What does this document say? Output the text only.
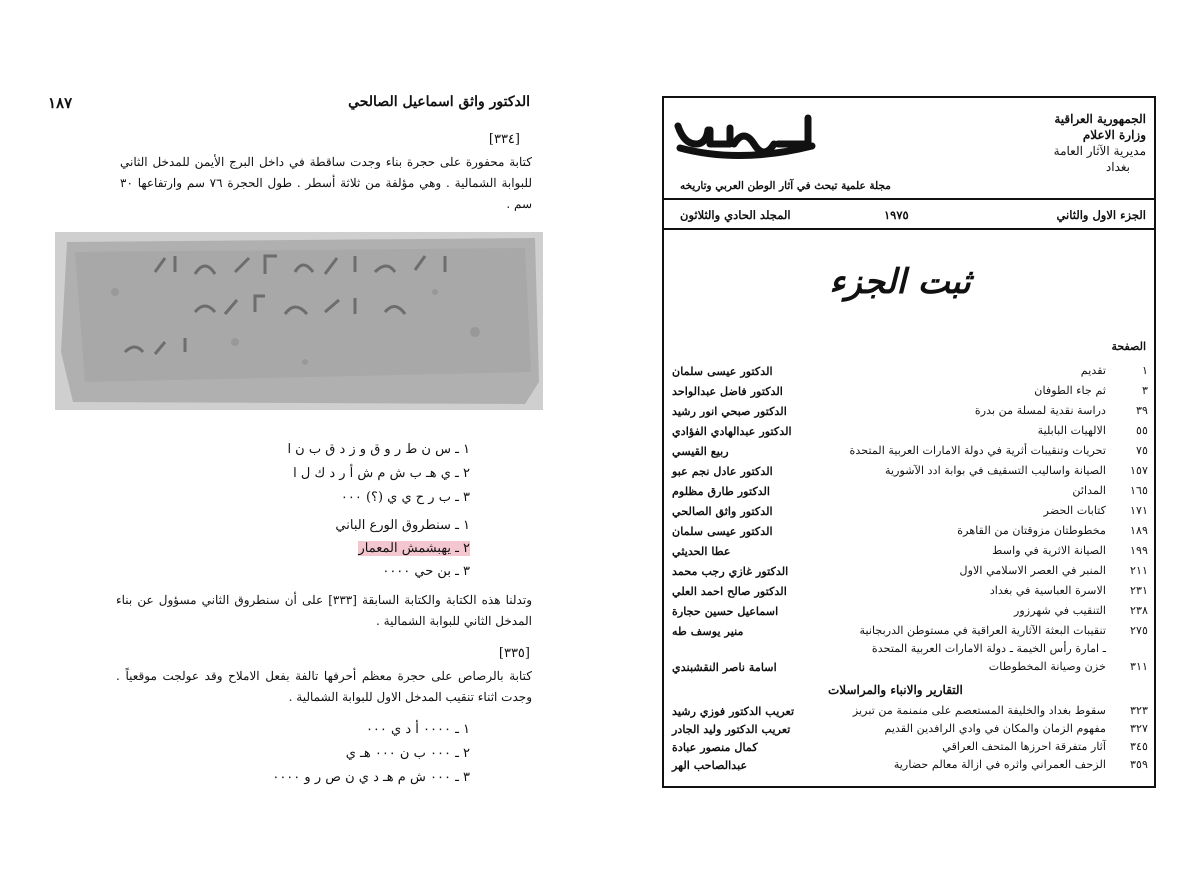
١٨٧	الدكتور واثق اسماعيل الصالحي
[٣٣٤]
كتابة محفورة على حجرة بناء وجدت ساقطة في داخل البرج الأيمن للمدخل الثاني للبوابة الشمالية . وهي مؤلفة من ثلاثة أسطر . طول الحجرة ٧٦ سم وارتفاعها ٣٠ سم .
١ ـ س ن ط ر و ق و ز د ق ب ن ا
٢ ـ ي هـ ب ش م ش أ ر د ك ل ا
٣ ـ ب ر ح ي ي (؟) ٠٠٠
١ ـ سنطروق الورع الباني
٢ ـ يهبشمش المعمار
٣ ـ بن حي ٠٠٠٠
وتدلنا هذه الكتابة والكتابة السابقة [٣٣٣] على أن سنطروق الثاني مسؤول عن بناء المدخل الثاني للبوابة الشمالية .
[٣٣٥]
كتابة بالرصاص على حجرة معظم أحرفها تالفة بفعل الاملاح وقد عولجت موقعياً . وجدت اثناء تنقيب المدخل الاول للبوابة الشمالية .
١ ـ ٠٠٠٠ أ د ي ٠٠٠
٢ ـ ٠٠٠ ب ن ٠٠٠ هـ ي
٣ ـ ٠٠٠ ش م هـ د ي ن ص ر و ٠٠٠٠
الجمهورية العراقية
وزارة الاعلام
مديرية الآثار العامة
بغداد
سومر
مجلة علمية تبحث في آثار الوطن العربي وتاريخه
الجزء الاول والثاني
١٩٧٥
المجلد الحادي والثلاثون
ثبت الجزء
الصفحة
١
تقديم
الدكتور عيسى سلمان
٣
ثم جاء الطوفان
الدكتور فاضل عبدالواحد
٣٩
دراسة نقدية لمسلة من بدرة
الدكتور صبحي انور رشيد
٥٥
الالهيات البابلية
الدكتور عبدالهادي الفؤادي
٧٥
تحريات وتنقيبات أثرية في دولة الامارات العربية المتحدة
ربيع القيسي
١٥٧
الصيانة واساليب التسقيف في بوابة ادد الآشورية
الدكتور عادل نجم عبو
١٦٥
المدائن
الدكتور طارق مظلوم
١٧١
كتابات الحضر
الدكتور واثق الصالحي
١٨٩
مخطوطتان مزوقتان من القاهرة
الدكتور عيسى سلمان
١٩٩
الصيانة الاثرية في واسط
عطا الحديثي
٢١١
المنبر في العصر الاسلامي الاول
الدكتور غازي رجب محمد
٢٣١
الاسرة العباسية في بغداد
الدكتور صالح احمد العلي
٢٣٨
التنقيب في شهرزور
اسماعيل حسين حجارة
٢٧٥
تنقيبات البعثة الآثارية العراقية في مستوطن الدربجانية
منير يوسف طه
ـ امارة رأس الخيمة ـ دولة الامارات العربية المتحدة
٣١١
خزن وصيانة المخطوطات
اسامة ناصر النقشبندي
التقارير والانباء والمراسلات
٣٢٣
سقوط بغداد والخليفة المستعصم على منمنمة من تبريز
تعريب الدكتور فوزي رشيد
٣٢٧
مفهوم الزمان والمكان في وادي الرافدين القديم
تعريب الدكتور وليد الجادر
٣٤٥
آثار متفرقة احرزها المتحف العراقي
كمال منصور عبادة
٣٥٩
الزحف العمراني واثره في ازالة معالم حضارية
عبدالصاحب الهر
